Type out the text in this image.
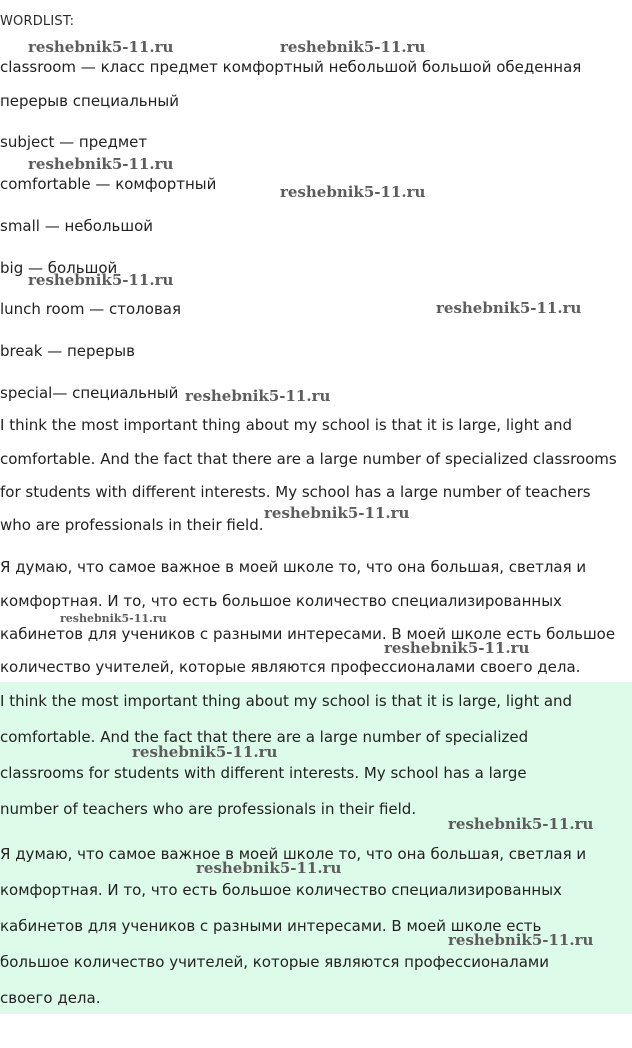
WORDLIST:
classroom — класс предмет комфортный небольшой большой обеденная
перерыв специальный
subject — предмет
comfortable — комфортный
small — небольшой
big — большой
lunch room — столовая
break — перерыв
special— специальный
I think the most important thing about my school is that it is large, light and
comfortable. And the fact that there are a large number of specialized classrooms
for students with different interests. My school has a large number of teachers
who are professionals in their field.
Я думаю, что самое важное в моей школе то, что она большая, светлая и
комфортная. И то, что есть большое количество специализированных
кабинетов для учеников с разными интересами. В моей школе есть большое
количество учителей, которые являются профессионалами своего дела.
I think the most important thing about my school is that it is large, light and
comfortable. And the fact that there are a large number of specialized
classrooms for students with different interests. My school has a large
number of teachers who are professionals in their field.
Я думаю, что самое важное в моей школе то, что она большая, светлая и
комфортная. И то, что есть большое количество специализированных
кабинетов для учеников с разными интересами. В моей школе есть
большое количество учителей, которые являются профессионалами
своего дела.
reshebnik5-11.ru	reshebnik5-11.ru
reshebnik5-11.ru
reshebnik5-11.ru
reshebnik5-11.ru
reshebnik5-11.ru
reshebnik5-11.ru
reshebnik5-11.ru
reshebnik5-11.ru
reshebnik5-11.ru
reshebnik5-11.ru
reshebnik5-11.ru
reshebnik5-11.ru
reshebnik5-11.ru
